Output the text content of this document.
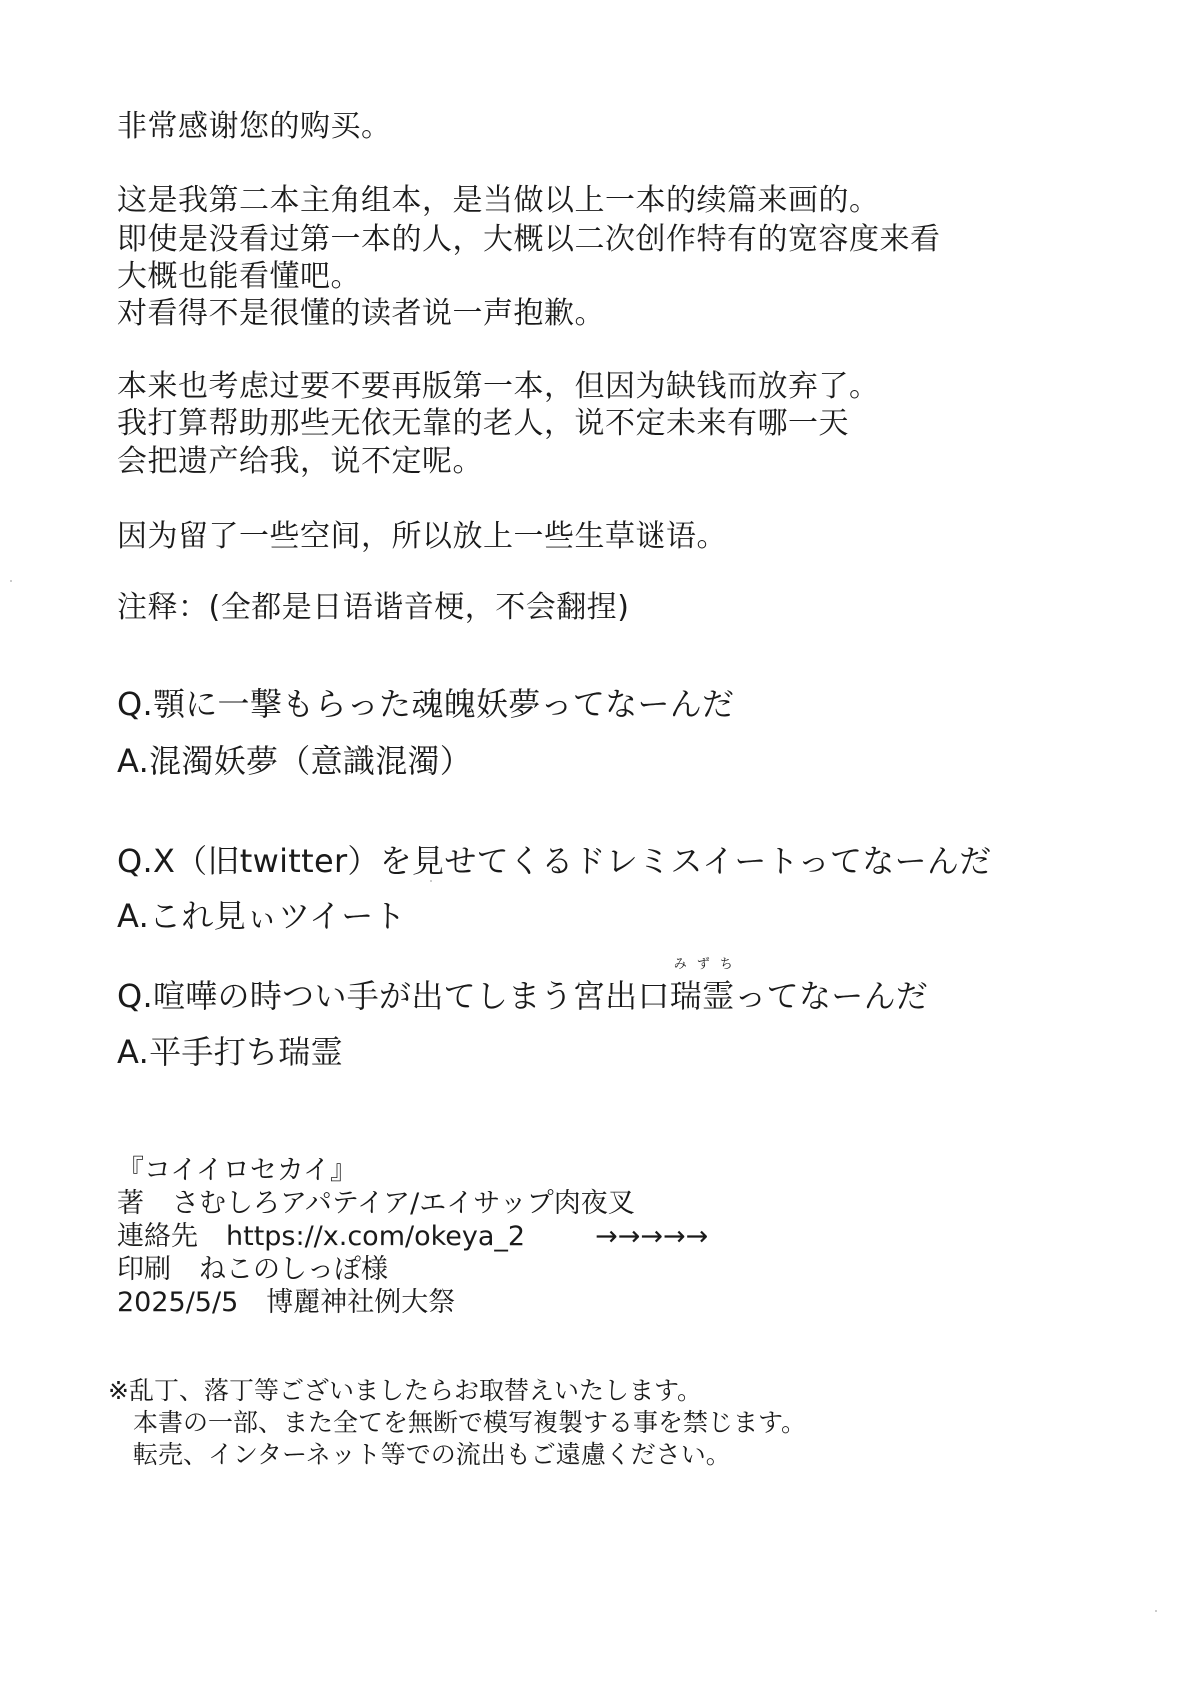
非常感谢您的购买。
这是我第二本主角组本，是当做以上一本的续篇来画的。
即使是没看过第一本的人，大概以二次创作特有的宽容度来看
大概也能看懂吧。
对看得不是很懂的读者说一声抱歉。
本来也考虑过要不要再版第一本，但因为缺钱而放弃了。
我打算帮助那些无依无靠的老人，说不定未来有哪一天
会把遗产给我，说不定呢。
因为留了一些空间，所以放上一些生草谜语。
注释：(全都是日语谐音梗，不会翻捏)
Q.顎に一撃もらった魂魄妖夢ってなーんだ
A.混濁妖夢（意識混濁）
Q.X（旧twitter）を見せてくるドレミスイートってなーんだ
A.これ見ぃツイート
Q.喧嘩の時つい手が出てしまう宮出口
みずち
瑞霊ってなーんだ
A.平手打ち瑞霊
『コイイロセカイ』
著 さむしろアパテイア/エイサップ肉夜叉
連絡先 https://x.com/okeya_2	→→→→→
印刷 ねこのしっぽ様
2025/5/5 博麗神社例大祭
※乱丁、落丁等ございましたらお取替えいたします。
本書の一部、また全てを無断で模写複製する事を禁じます。
転売、インターネット等での流出もご遠慮ください。
